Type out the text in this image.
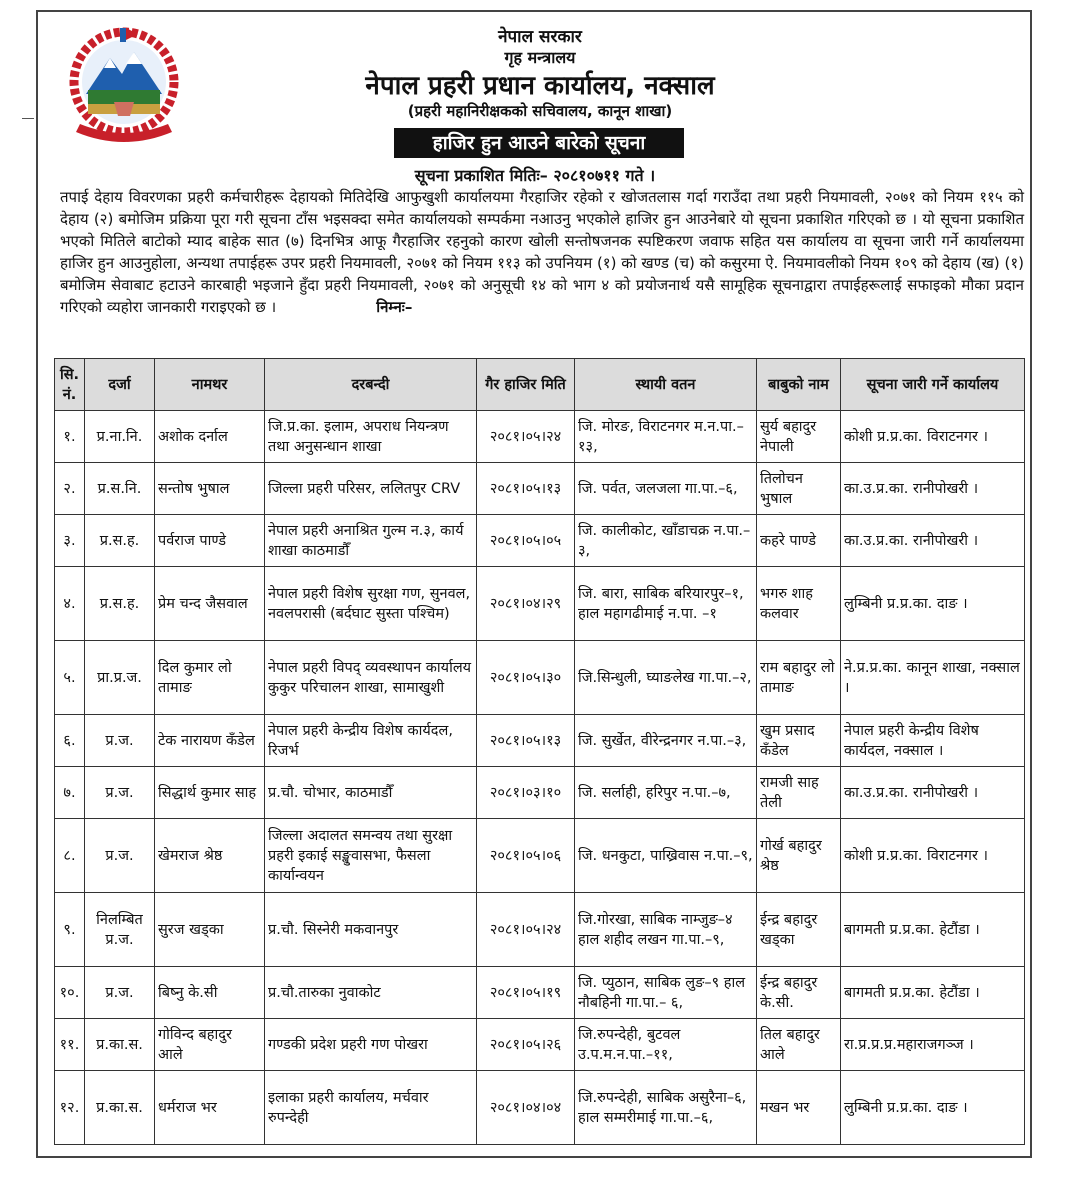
नेपाल सरकार
गृह मन्त्रालय
नेपाल प्रहरी प्रधान कार्यालय, नक्साल
(प्रहरी महानिरीक्षकको सचिवालय, कानून शाखा)
हाजिर हुन आउने बारेको सूचना
सूचना प्रकाशित मितिः– २०८१०७११ गते ।

तपाई देहाय विवरणका प्रहरी कर्मचारीहरू देहायको मितिदेखि आफुखुशी कार्यालयमा गैरहाजिर रहेको र खोजतलास गर्दा गराउँदा तथा प्रहरी नियमावली, २०७१ को नियम ११५ को देहाय (२) बमोजिम प्रक्रिया पूरा गरी सूचना टाँस भइसक्दा समेत कार्यालयको सम्पर्कमा नआउनु भएकोले हाजिर हुन आउनेबारे यो सूचना प्रकाशित गरिएको छ । यो सूचना प्रकाशित भएको मितिले बाटोको म्याद बाहेक सात (७) दिनभित्र आफू गैरहाजिर रहनुको कारण खोली सन्तोषजनक स्पष्टिकरण जवाफ सहित यस कार्यालय वा सूचना जारी गर्ने कार्यालयमा हाजिर हुन आउनुहोला, अन्यथा तपाईहरू उपर प्रहरी नियमावली, २०७१ को नियम ११३ को उपनियम (१) को खण्ड (च) को कसुरमा ऐ. नियमावलीको नियम १०९ को देहाय (ख) (१) बमोजिम सेवाबाट हटाउने कारबाही भइजाने हुँदा प्रहरी नियमावली, २०७१ को अनुसूची १४ को भाग ४ को प्रयोजनार्थ यसै सामूहिक सूचनाद्वारा तपाईहरूलाई सफाइको मौका प्रदान गरिएको व्यहोरा जानकारी गराइएको छ ।	निम्नः–

सि. नं.	दर्जा	नामथर	दरबन्दी	गैर हाजिर मिति	स्थायी वतन	बाबुको नाम	सूचना जारी गर्ने कार्यालय
१.	प्र.ना.नि.	अशोक दर्नाल	जि.प्र.का. इलाम, अपराध नियन्त्रण तथा अनुसन्धान शाखा	२०८१।०५।२४	जि. मोरङ, विराटनगर म.न.पा.–१३,	सुर्य बहादुर नेपाली	कोशी प्र.प्र.का. विराटनगर ।
२.	प्र.स.नि.	सन्तोष भुषाल	जिल्ला प्रहरी परिसर, ललितपुर CRV	२०८१।०५।१३	जि. पर्वत, जलजला गा.पा.–६,	तिलोचन भुषाल	का.उ.प्र.का. रानीपोखरी ।
३.	प्र.स.ह.	पर्वराज पाण्डे	नेपाल प्रहरी अनाश्रित गुल्म न.३, कार्य शाखा काठमाडौँ	२०८१।०५।०५	जि. कालीकोट, खाँडाचक्र न.पा.–३,	कहरे पाण्डे	का.उ.प्र.का. रानीपोखरी ।
४.	प्र.स.ह.	प्रेम चन्द जैसवाल	नेपाल प्रहरी विशेष सुरक्षा गण, सुनवल, नवलपरासी (बर्दघाट सुस्ता पश्चिम)	२०८१।०४।२९	जि. बारा, साबिक बरियारपुर–१, हाल महागढीमाई न.पा. –१	भगरु शाह कलवार	लुम्बिनी प्र.प्र.का. दाङ ।
५.	प्रा.प्र.ज.	दिल कुमार लो तामाङ	नेपाल प्रहरी विपद् व्यवस्थापन कार्यालय कुकुर परिचालन शाखा, सामाखुशी	२०८१।०५।३०	जि.सिन्धुली, घ्याङलेख गा.पा.–२,	राम बहादुर लो तामाङ	ने.प्र.प्र.का. कानून शाखा, नक्साल ।
६.	प्र.ज.	टेक नारायण कँडेल	नेपाल प्रहरी केन्द्रीय विशेष कार्यदल, रिजर्भ	२०८१।०५।१३	जि. सुर्खेत, वीरेन्द्रनगर न.पा.–३,	खुम प्रसाद कँडेल	नेपाल प्रहरी केन्द्रीय विशेष कार्यदल, नक्साल ।
७.	प्र.ज.	सिद्धार्थ कुमार साह	प्र.चौ. चोभार, काठमाडौँ	२०८१।०३।१०	जि. सर्लाही, हरिपुर न.पा.–७,	रामजी साह तेली	का.उ.प्र.का. रानीपोखरी ।
८.	प्र.ज.	खेमराज श्रेष्ठ	जिल्ला अदालत समन्वय तथा सुरक्षा प्रहरी इकाई सङ्खुवासभा, फैसला कार्यान्वयन	२०८१।०५।०६	जि. धनकुटा, पाख्रिवास न.पा.–९,	गोर्ख बहादुर श्रेष्ठ	कोशी प्र.प्र.का. विराटनगर ।
९.	निलम्बित प्र.ज.	सुरज खड्का	प्र.चौ. सिस्नेरी मकवानपुर	२०८१।०५।२४	जि.गोरखा, साबिक नाम्जुङ–४ हाल शहीद लखन गा.पा.–९,	ईन्द्र बहादुर खड्का	बागमती प्र.प्र.का. हेटौंडा ।
१०.	प्र.ज.	बिष्नु के.सी	प्र.चौ.तारुका नुवाकोट	२०८१।०५।१९	जि. प्युठान, साबिक लुङ–९ हाल नौबहिनी गा.पा.– ६,	ईन्द्र बहादुर के.सी.	बागमती प्र.प्र.का. हेटौंडा ।
११.	प्र.का.स.	गोविन्द बहादुर आले	गण्डकी प्रदेश प्रहरी गण पोखरा	२०८१।०५।२६	जि.रुपन्देही, बुटवल उ.प.म.न.पा.–११,	तिल बहादुर आले	रा.प्र.प्र.प्र.महाराजगञ्ज ।
१२.	प्र.का.स.	धर्मराज भर	इलाका प्रहरी कार्यालय, मर्चवार रुपन्देही	२०८१।०४।०४	जि.रुपन्देही, साबिक असुरैना–६, हाल सम्मरीमाई गा.पा.–६,	मखन भर	लुम्बिनी प्र.प्र.का. दाङ ।
